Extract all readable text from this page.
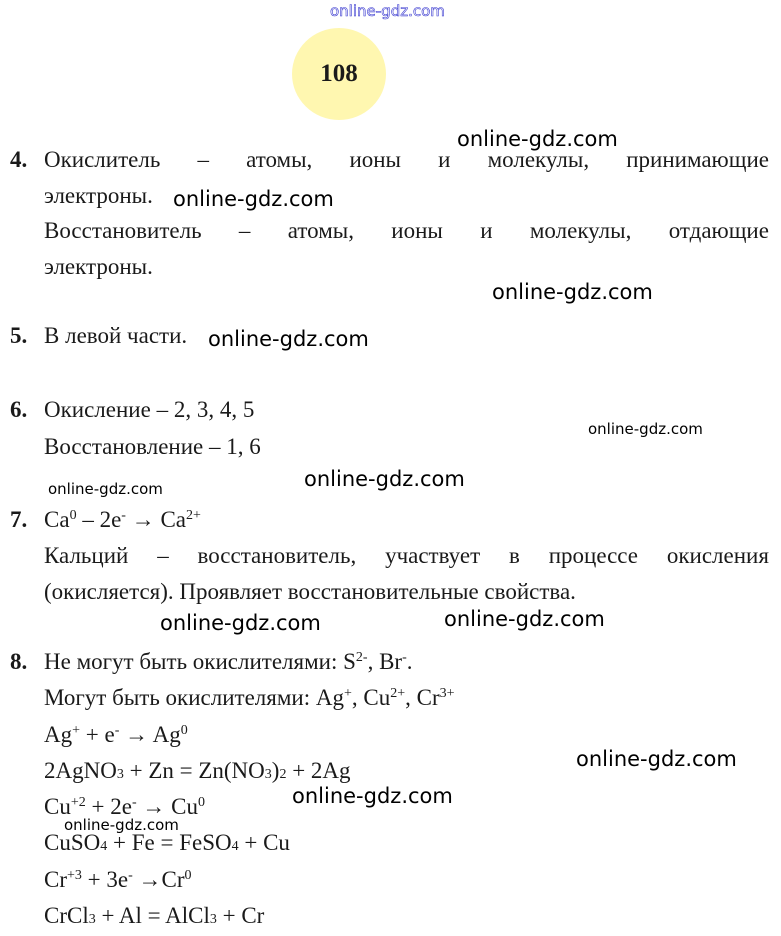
online-gdz.com
108
4. Окислитель – атомы, ионы и молекулы, принимающие
электроны.
Восстановитель – атомы, ионы и молекулы, отдающие
электроны.
5. В левой части.
6. Окисление – 2, 3, 4, 5
Восстановление – 1, 6
7. $Ca^0 - 2e^- \to Ca^{2+}$
Кальций – восстановитель, участвует в процессе окисления
(окисляется). Проявляет восстановительные свойства.
8. Не могут быть окислителями: $S^{2-}$, Br-.
Могут быть окислителями: Ag+, $Cu^{2+}$, $Cr^{3+}$
$Ag^+ + e^- \to Ag^0$
2AgNO$_3$ + $Zn = Zn(NO_3)_2 + 2Ag$
$Cu^{+2} + 2e^- \to Cu^0$
CuSO$_4$ + Fe = FeSO$_4$ + Cu
$Cr^{+3} + 3e^- \to Cr^0$
CrCl$_3$ + Al = AlCl$_3$ + Cr
online-gdz.com
online-gdz.com
online-gdz.com
online-gdz.com
online-gdz.com
online-gdz.com
online-gdz.com
online-gdz.com	online-gdz.com
online-gdz.com
online-gdz.com
online-gdz.com
